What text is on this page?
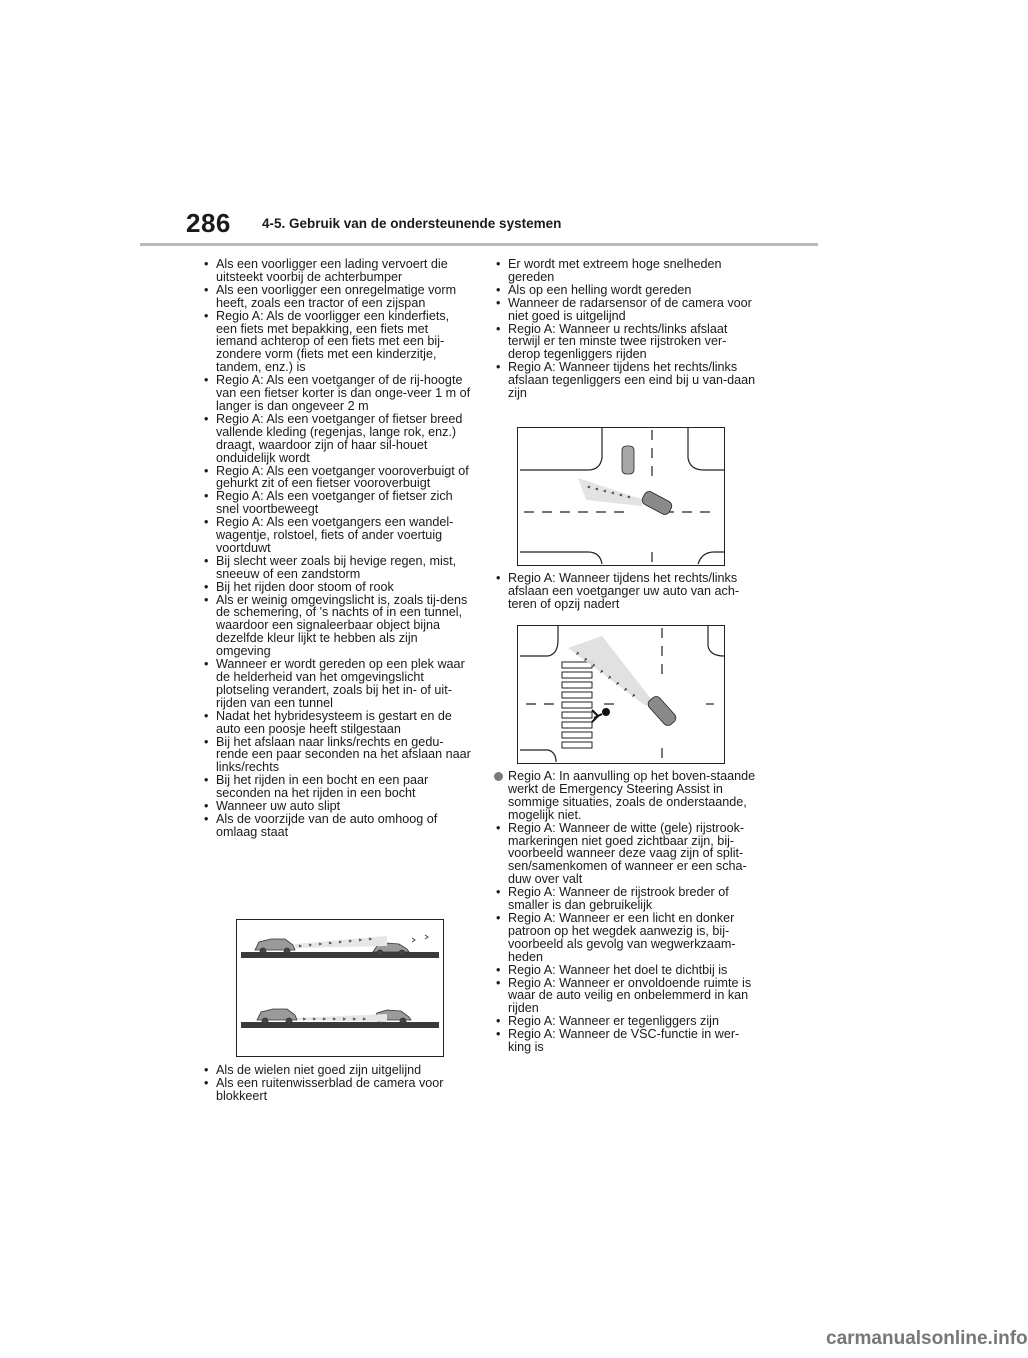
286 4-5. Gebruik van de ondersteunende systemen
• Als een voorligger een lading vervoert die uitsteekt voorbij de achterbumper
• Als een voorligger een onregelmatige vorm heeft, zoals een tractor of een zijspan
• Regio A: Als de voorligger een kinderfiets, een fiets met bepakking, een fiets met iemand achterop of een fiets met een bij-zondere vorm (fiets met een kinderzitje, tandem, enz.) is
• Regio A: Als een voetganger of de rij-hoogte van een fietser korter is dan onge-veer 1 m of langer is dan ongeveer 2 m
• Regio A: Als een voetganger of fietser breed vallende kleding (regenjas, lange rok, enz.) draagt, waardoor zijn of haar sil-houet onduidelijk wordt
• Regio A: Als een voetganger vooroverbuigt of gehurkt zit of een fietser vooroverbuigt
• Regio A: Als een voetganger of fietser zich snel voortbeweegt
• Regio A: Als een voetgangers een wandel-wagentje, rolstoel, fiets of ander voertuig voortduwt
• Bij slecht weer zoals bij hevige regen, mist, sneeuw of een zandstorm
• Bij het rijden door stoom of rook
• Als er weinig omgevingslicht is, zoals tij-dens de schemering, of 's nachts of in een tunnel, waardoor een signaleerbaar object bijna dezelfde kleur lijkt te hebben als zijn omgeving
• Wanneer er wordt gereden op een plek waar de helderheid van het omgevingslicht plotseling verandert, zoals bij het in- of uit-rijden van een tunnel
• Nadat het hybridesysteem is gestart en de auto een poosje heeft stilgestaan
• Bij het afslaan naar links/rechts en gedu-rende een paar seconden na het afslaan naar links/rechts
• Bij het rijden in een bocht en een paar seconden na het rijden in een bocht
• Wanneer uw auto slipt
• Als de voorzijde van de auto omhoog of omlaag staat
• Als de wielen niet goed zijn uitgelijnd
• Als een ruitenwisserblad de camera voor blokkeert
• Er wordt met extreem hoge snelheden gereden
• Als op een helling wordt gereden
• Wanneer de radarsensor of de camera voor niet goed is uitgelijnd
• Regio A: Wanneer u rechts/links afslaat terwijl er ten minste twee rijstroken ver-derop tegenliggers rijden
• Regio A: Wanneer tijdens het rechts/links afslaan tegenliggers een eind bij u van-daan zijn
• Regio A: Wanneer tijdens het rechts/links afslaan een voetganger uw auto van ach-teren of opzij nadert
Regio A: In aanvulling op het boven-staande werkt de Emergency Steering Assist in sommige situaties, zoals de onderstaande, mogelijk niet.
• Regio A: Wanneer de witte (gele) rijstrook-markeringen niet goed zichtbaar zijn, bij-voorbeeld wanneer deze vaag zijn of split-sen/samenkomen of wanneer er een scha-duw over valt
• Regio A: Wanneer de rijstrook breder of smaller is dan gebruikelijk
• Regio A: Wanneer er een licht en donker patroon op het wegdek aanwezig is, bij-voorbeeld als gevolg van wegwerkzaam-heden
• Regio A: Wanneer het doel te dichtbij is
• Regio A: Wanneer er onvoldoende ruimte is waar de auto veilig en onbelemmerd in kan rijden
• Regio A: Wanneer er tegenliggers zijn
• Regio A: Wanneer de VSC-functie in wer-king is
carmanualsonline.info
